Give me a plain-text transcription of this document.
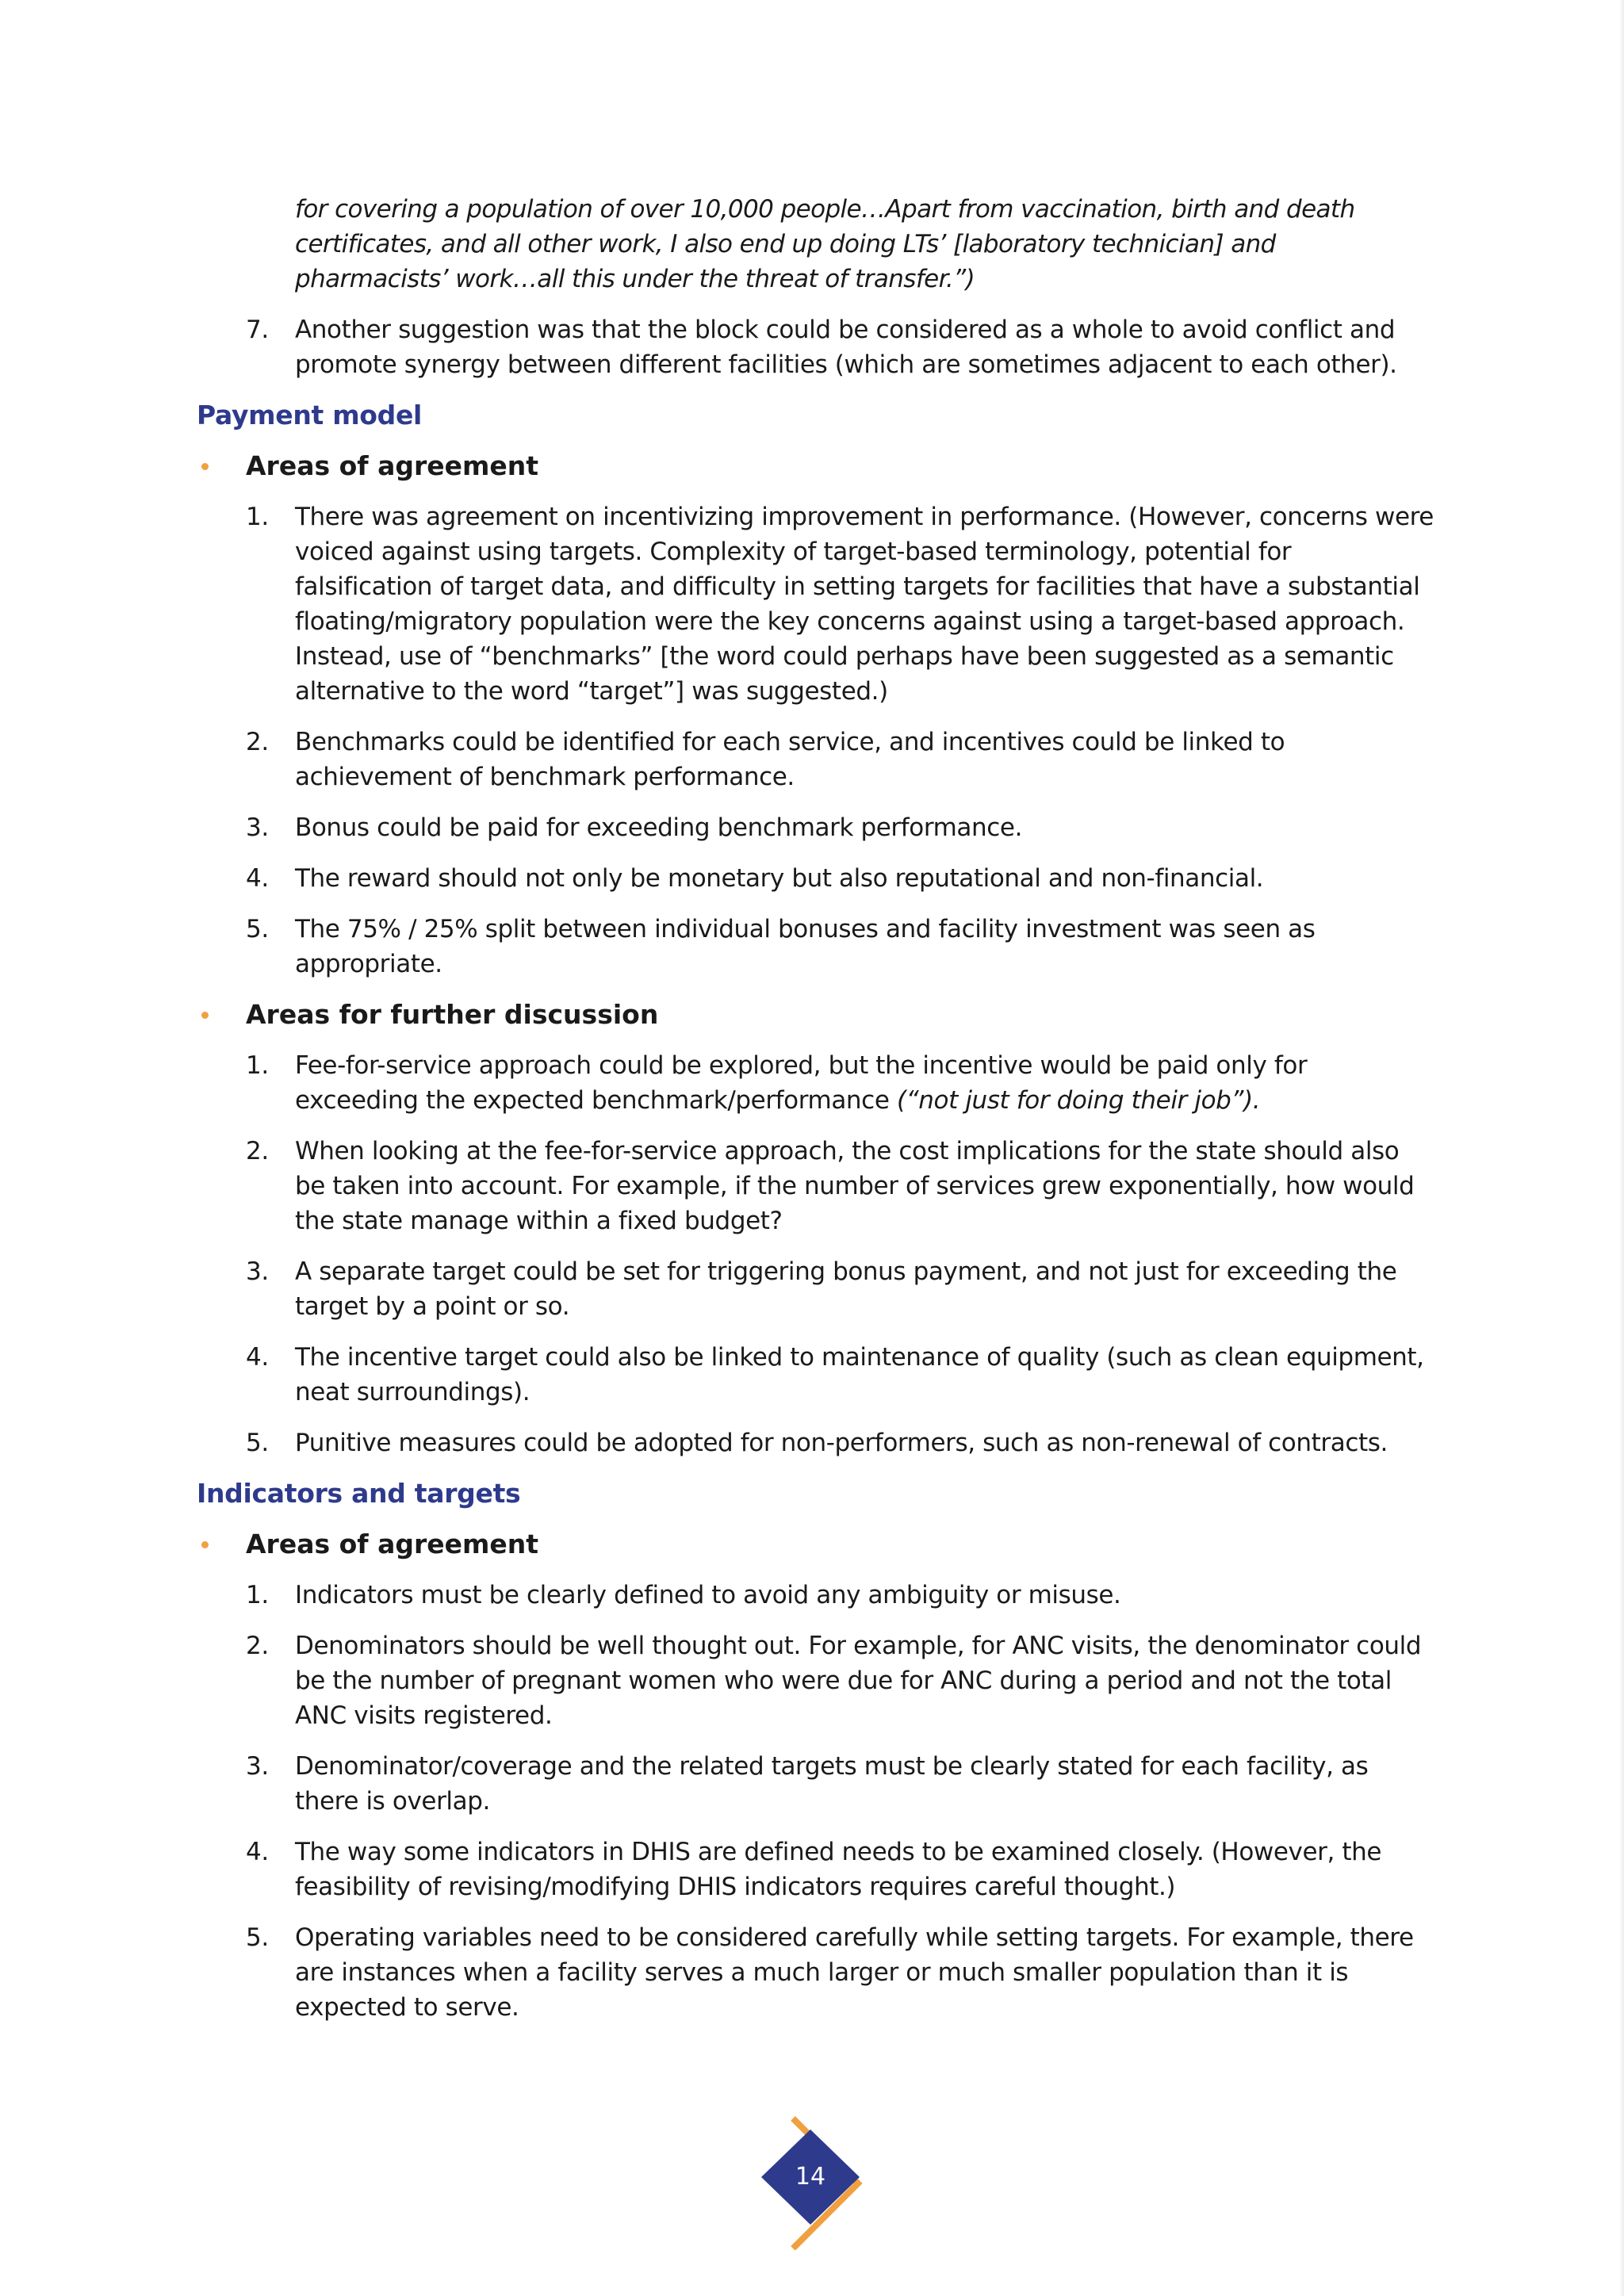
for covering a population of over 10,000 people…Apart from vaccination, birth and death certificates, and all other work, I also end up doing LTs’ [laboratory technician] and pharmacists’ work…all this under the threat of transfer.”)

7.	Another suggestion was that the block could be considered as a whole to avoid conflict and promote synergy between different facilities (which are sometimes adjacent to each other).
Payment model
Areas of agreement
1.	There was agreement on incentivizing improvement in performance. (However, concerns were voiced against using targets. Complexity of target-based terminology, potential for falsification of target data, and difficulty in setting targets for facilities that have a substantial floating/migratory population were the key concerns against using a target-based approach. Instead, use of “benchmarks” [the word could perhaps have been suggested as a semantic alternative to the word “target”] was suggested.)
2.	Benchmarks could be identified for each service, and incentives could be linked to achievement of benchmark performance.
3.	Bonus could be paid for exceeding benchmark performance.
4.	The reward should not only be monetary but also reputational and non-financial.
5.	The 75% / 25% split between individual bonuses and facility investment was seen as appropriate.
Areas for further discussion
1.	Fee-for-service approach could be explored, but the incentive would be paid only for exceeding the expected benchmark/performance (“not just for doing their job”).
2.	When looking at the fee-for-service approach, the cost implications for the state should also be taken into account. For example, if the number of services grew exponentially, how would the state manage within a fixed budget?
3.	A separate target could be set for triggering bonus payment, and not just for exceeding the target by a point or so.
4.	The incentive target could also be linked to maintenance of quality (such as clean equipment, neat surroundings).
5.	Punitive measures could be adopted for non-performers, such as non-renewal of contracts.
Indicators and targets
Areas of agreement
1.	Indicators must be clearly defined to avoid any ambiguity or misuse.
2.	Denominators should be well thought out. For example, for ANC visits, the denominator could be the number of pregnant women who were due for ANC during a period and not the total ANC visits registered.
3.	Denominator/coverage and the related targets must be clearly stated for each facility, as there is overlap.
4.	The way some indicators in DHIS are defined needs to be examined closely. (However, the feasibility of revising/modifying DHIS indicators requires careful thought.)
5.	Operating variables need to be considered carefully while setting targets. For example, there are instances when a facility serves a much larger or much smaller population than it is expected to serve.
14
